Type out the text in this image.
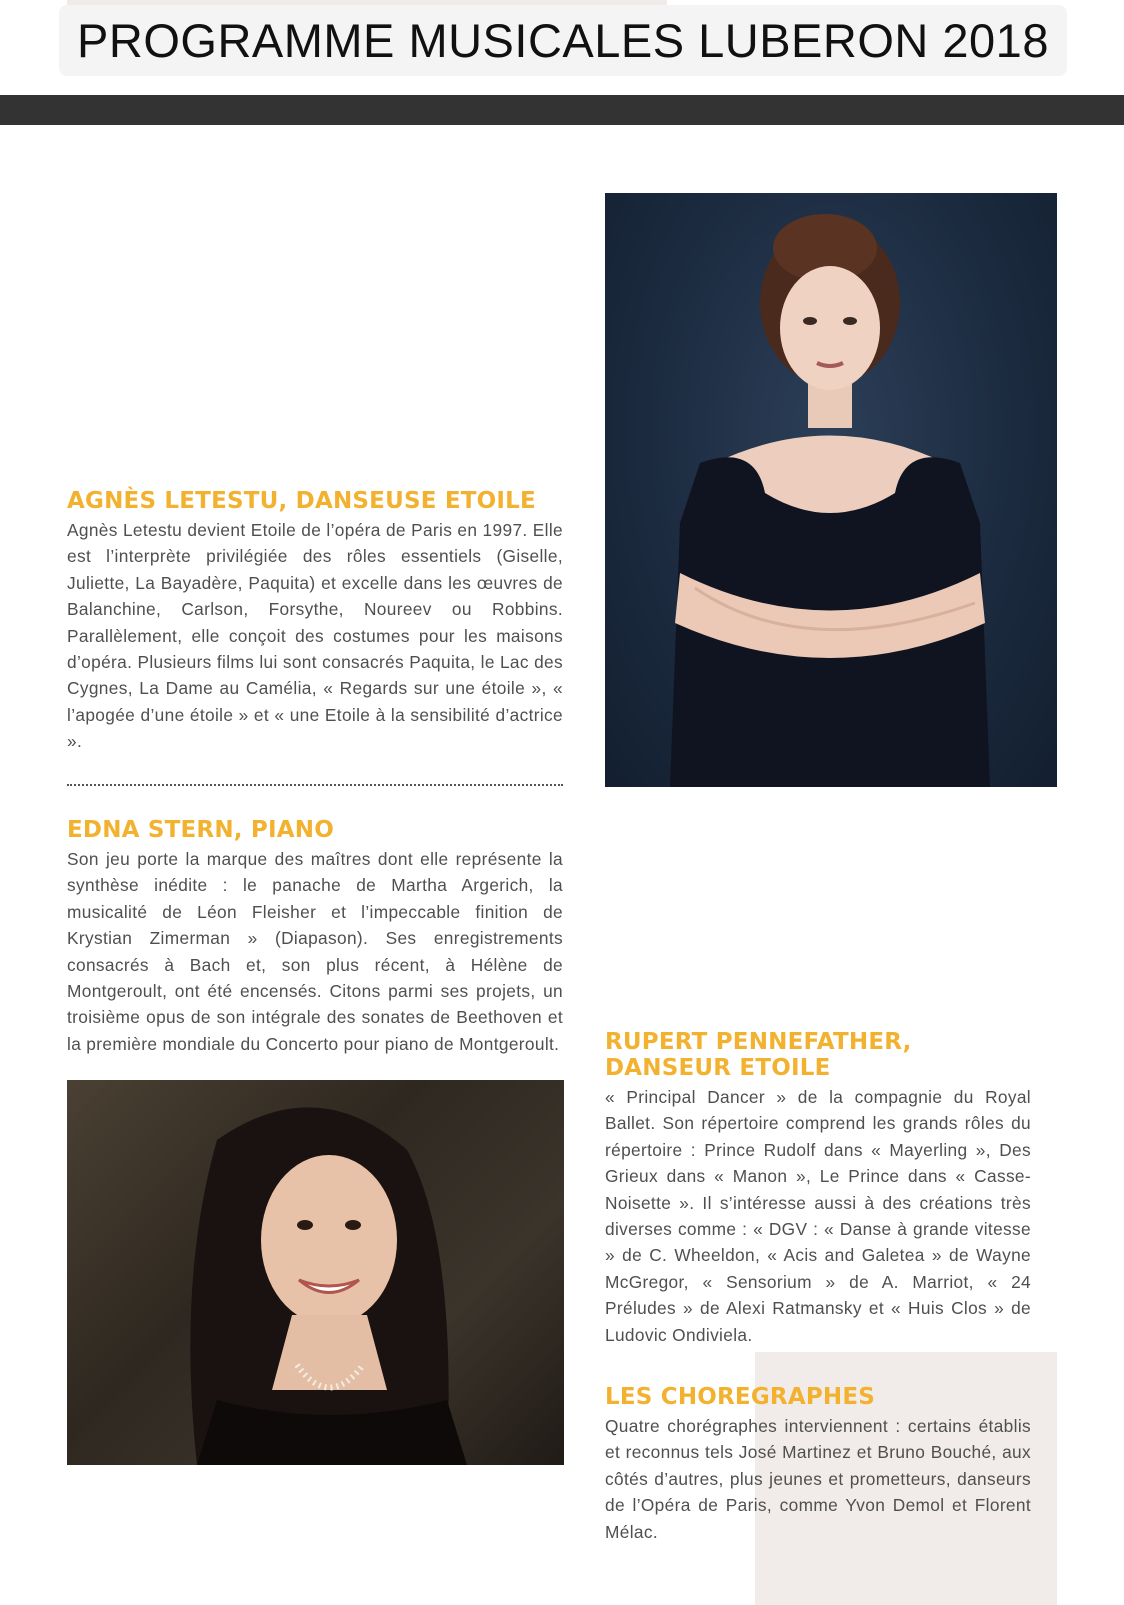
PROGRAMME MUSICALES LUBERON 2018
AGNÈS LETESTU, DANSEUSE ETOILE

Agnès Letestu devient Etoile de l’opéra de Paris en 1997. Elle est l’interprète privilégiée des rôles essentiels (Giselle, Juliette, La Bayadère, Paquita) et excelle dans les œuvres de Balanchine, Carlson, Forsythe, Noureev ou Robbins. Parallèlement, elle conçoit des costumes pour les maisons d’opéra. Plusieurs films lui sont consacrés Paquita, le Lac des Cygnes, La Dame au Camélia, « Regards sur une étoile », « l’apogée d’une étoile » et « une Etoile à la sensibilité d’actrice ».

EDNA STERN, PIANO

Son jeu porte la marque des maîtres dont elle représente la synthèse inédite : le panache de Martha Argerich, la musicalité de Léon Fleisher et l’impeccable finition de Krystian Zimerman » (Diapason). Ses enregistrements consacrés à Bach et, son plus récent, à Hélène de Montgeroult, ont été encensés. Citons parmi ses projets, un troisième opus de son intégrale des sonates de Beethoven et la première mondiale du Concerto pour piano de Montgeroult. RUPERT PENNEFATHER, DANSEUR ETOILE

« Principal Dancer » de la compagnie du Royal Ballet. Son répertoire comprend les grands rôles du répertoire : Prince Rudolf dans « Mayerling », Des Grieux dans « Manon », Le Prince dans « Casse-Noisette ». Il s’intéresse aussi à des créations très diverses comme : « DGV : « Danse à grande vitesse » de C. Wheeldon, « Acis and Galetea » de Wayne McGregor, « Sensorium » de A. Marriot, « 24 Préludes » de Alexi Ratmansky et « Huis Clos » de Ludovic Ondiviela.

LES CHOREGRAPHES

Quatre chorégraphes interviennent : certains établis et reconnus tels José Martinez et Bruno Bouché, aux côtés d’autres, plus jeunes et prometteurs, danseurs de l’Opéra de Paris, comme Yvon Demol et Florent Mélac.
